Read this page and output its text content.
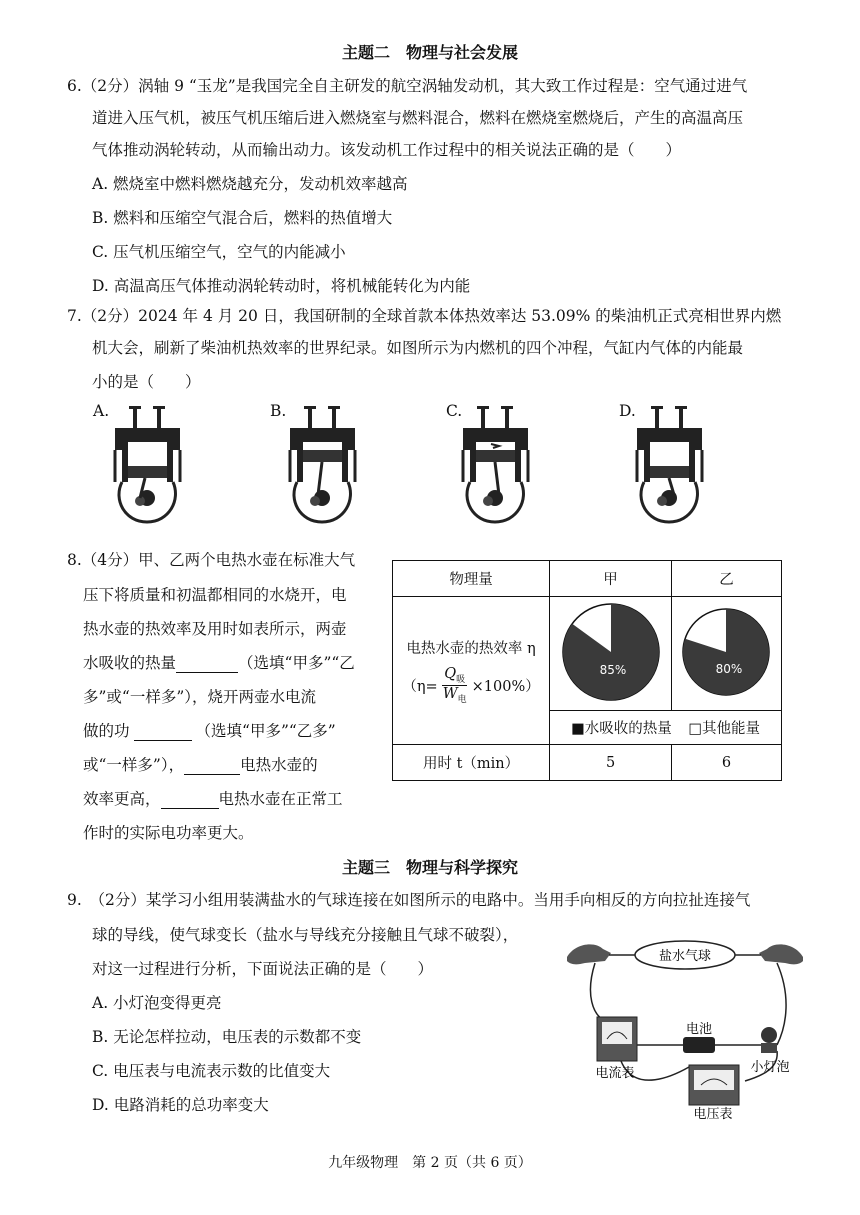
主题二　物理与社会发展
6.（2分）涡轴 9 “玉龙”是我国完全自主研发的航空涡轴发动机，其大致工作过程是：空气通过进气
道进入压气机，被压气机压缩后进入燃烧室与燃料混合，燃料在燃烧室燃烧后，产生的高温高压
气体推动涡轮转动，从而输出动力。该发动机工作过程中的相关说法正确的是（　　）
A. 燃烧室中燃料燃烧越充分，发动机效率越高
B. 燃料和压缩空气混合后，燃料的热值增大
C. 压气机压缩空气，空气的内能减小
D. 高温高压气体推动涡轮转动时，将机械能转化为内能
7.（2分）2024 年 4 月 20 日，我国研制的全球首款本体热效率达 53.09% 的柴油机正式亮相世界内燃
机大会，刷新了柴油机热效率的世界纪录。如图所示为内燃机的四个冲程，气缸内气体的内能最
小的是（　　）
A.	B.	C.	D.
8.（4分）甲、乙两个电热水壶在标准大气
压下将质量和初温都相同的水烧开，电
热水壶的热效率及用时如表所示，两壶
水吸收的热量	（选填“甲多”“乙
多”或“一样多”），烧开两壶水电流
做的功	（选填“甲多”“乙多”
或“一样多”），	电热水壶的
效率更高，	电热水壶在正常工
作时的实际电功率更大。
物理量	甲	乙

电热水壶的热效率 η
（η=
$Q_吸$
$W_电$
×100%）	85%	80%

	■水吸收的热量 □其他能量	
用时 t（min）	5	6
主题三　物理与科学探究
9.　（2分）某学习小组用装满盐水的气球连接在如图所示的电路中。当用手向相反的方向拉扯连接气
球的导线，使气球变长（盐水与导线充分接触且气球不破裂），
对这一过程进行分析，下面说法正确的是（　　）
A. 小灯泡变得更亮
B. 无论怎样拉动，电压表的示数都不变
C. 电压表与电流表示数的比值变大
D. 电路消耗的总功率变大
盐水气球
电池
电流表	小灯泡
电压表
九年级物理　第 2 页（共 6 页）
